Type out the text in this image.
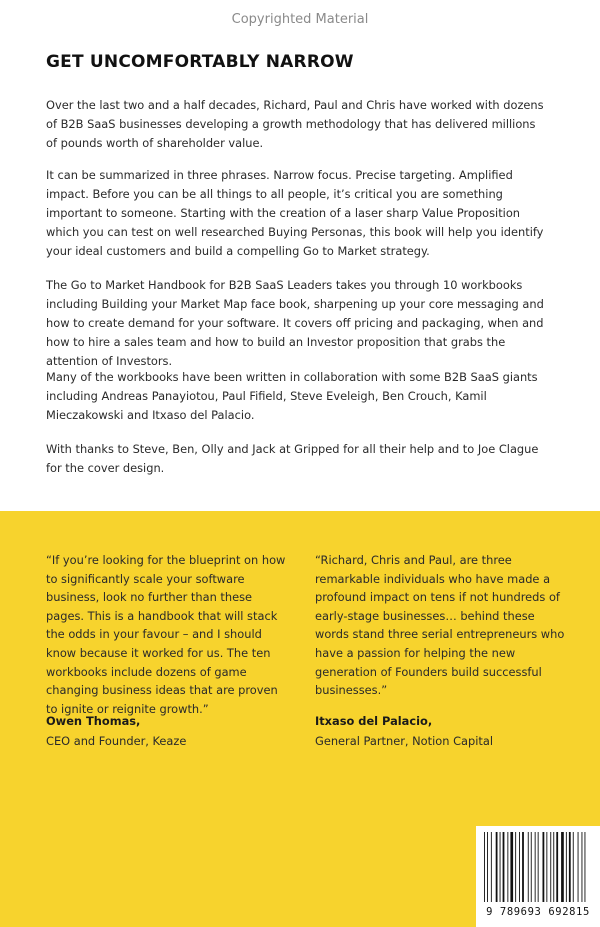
Copyrighted Material
GET UNCOMFORTABLY NARROW
Over the last two and a half decades, Richard, Paul and Chris have worked with dozens of B2B SaaS businesses developing a growth methodology that has delivered millions of pounds worth of shareholder value.
It can be summarized in three phrases. Narrow focus. Precise targeting. Amplified impact. Before you can be all things to all people, it’s critical you are something important to someone. Starting with the creation of a laser sharp Value Proposition which you can test on well researched Buying Personas, this book will help you identify your ideal customers and build a compelling Go to Market strategy.
The Go to Market Handbook for B2B SaaS Leaders takes you through 10 workbooks including Building your Market Map face book, sharpening up your core messaging and how to create demand for your software. It covers off pricing and packaging, when and how to hire a sales team and how to build an Investor proposition that grabs the attention of Investors.
Many of the workbooks have been written in collaboration with some B2B SaaS giants including Andreas Panayiotou, Paul Fifield, Steve Eveleigh, Ben Crouch, Kamil Mieczakowski and Itxaso del Palacio.
With thanks to Steve, Ben, Olly and Jack at Gripped for all their help and to Joe Clague for the cover design.
“If you’re looking for the blueprint on how to significantly scale your software business, look no further than these pages. This is a handbook that will stack the odds in your favour – and I should know because it worked for us. The ten workbooks include dozens of game changing business ideas that are proven to ignite or reignite growth.”
Owen Thomas,
CEO and Founder, Keaze
“Richard, Chris and Paul, are three remarkable individuals who have made a profound impact on tens if not hundreds of early-stage businesses… behind these words stand three serial entrepreneurs who have a passion for helping the new generation of Founders build successful businesses.”
Itxaso del Palacio,
General Partner, Notion Capital
9 789693 692815
